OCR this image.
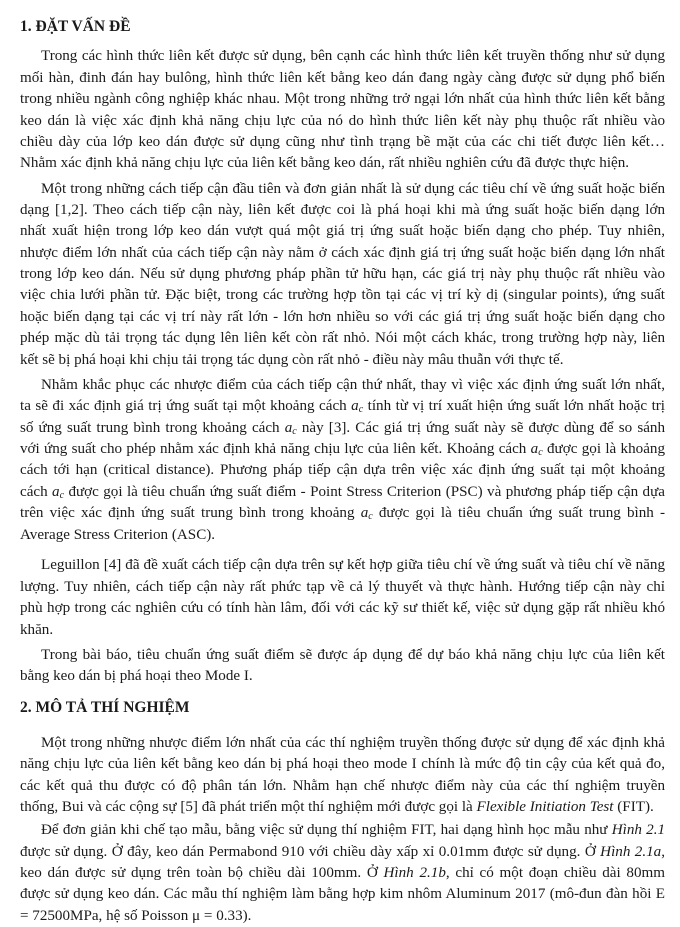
1. ĐẶT VẤN ĐỀ
Trong các hình thức liên kết được sử dụng, bên cạnh các hình thức liên kết truyền thống như sử dụng
mối hàn, đinh đán hay bulông, hình thức liên kết bằng keo dán đang ngày càng được sử dụng phổ biến
trong nhiều ngành công nghiệp khác nhau. Một trong những trở ngại lớn nhất của hình thức liên kết bằng
keo dán là việc xác định khả năng chịu lực của nó do hình thức liên kết này phụ thuộc rất nhiều vào
chiều dày của lớp keo dán được sử dụng cũng như tình trạng bề mặt của các chi tiết được liên kết…
Nhằm xác định khả năng chịu lực của liên kết bằng keo dán, rất nhiều nghiên cứu đã được thực hiện.
Một trong những cách tiếp cận đầu tiên và đơn giản nhất là sử dụng các tiêu chí về ứng suất hoặc biến
dạng [1,2]. Theo cách tiếp cận này, liên kết được coi là phá hoại khi mà ứng suất hoặc biến dạng lớn
nhất xuất hiện trong lớp keo dán vượt quá một giá trị ứng suất hoặc biến dạng cho phép. Tuy nhiên,
nhược điểm lớn nhất của cách tiếp cận này nằm ở cách xác định giá trị ứng suất hoặc biến dạng lớn nhất
trong lớp keo dán. Nếu sử dụng phương pháp phần tử hữu hạn, các giá trị này phụ thuộc rất nhiều vào
việc chia lưới phần tử. Đặc biệt, trong các trường hợp tồn tại các vị trí kỳ dị (singular points), ứng suất
hoặc biến dạng tại các vị trí này rất lớn - lớn hơn nhiều so với các giá trị ứng suất hoặc biến dạng cho
phép mặc dù tải trọng tác dụng lên liên kết còn rất nhỏ. Nói một cách khác, trong trường hợp này, liên
kết sẽ bị phá hoại khi chịu tải trọng tác dụng còn rất nhỏ - điều này mâu thuẫn với thực tế.
Nhằm khắc phục các nhược điểm của cách tiếp cận thứ nhất, thay vì việc xác định ứng suất lớn nhất,
ta sẽ đi xác định giá trị ứng suất tại một khoảng cách $a_c$ tính từ vị trí xuất hiện ứng suất lớn nhất hoặc trị
số ứng suất trung bình trong khoảng cách $a_c$ này [3]. Các giá trị ứng suất này sẽ được dùng để so sánh
với ứng suất cho phép nhằm xác định khả năng chịu lực của liên kết. Khoảng cách $a_c$ được gọi là khoảng
cách tới hạn (critical distance). Phương pháp tiếp cận dựa trên việc xác định ứng suất tại một khoảng
cách $a_c$ được gọi là tiêu chuẩn ứng suất điểm - Point Stress Criterion (PSC) và phương pháp tiếp cận dựa
trên việc xác định ứng suất trung bình trong khoảng $a_c$ được gọi là tiêu chuẩn ứng suất trung bình -
Average Stress Criterion (ASC).
Leguillon [4] đã đề xuất cách tiếp cận dựa trên sự kết hợp giữa tiêu chí về ứng suất và tiêu chí về năng
lượng. Tuy nhiên, cách tiếp cận này rất phức tạp về cả lý thuyết và thực hành. Hướng tiếp cận này chỉ
phù hợp trong các nghiên cứu có tính hàn lâm, đối với các kỹ sư thiết kế, việc sử dụng gặp rất nhiều khó
khăn.
Trong bài báo, tiêu chuẩn ứng suất điểm sẽ được áp dụng để dự báo khả năng chịu lực của liên kết
bằng keo dán bị phá hoại theo Mode I.
2. MÔ TẢ THÍ NGHIỆM
Một trong những nhược điểm lớn nhất của các thí nghiệm truyền thống được sử dụng để xác định khả
năng chịu lực của liên kết bằng keo dán bị phá hoại theo mode I chính là mức độ tin cậy của kết quả đo,
các kết quả thu được có độ phân tán lớn. Nhằm hạn chế nhược điểm này của các thí nghiệm truyền
thống, Bui và các cộng sự [5] đã phát triển một thí nghiệm mới được gọi là Flexible Initiation Test (FIT).
Để đơn giản khi chế tạo mẫu, bằng việc sử dụng thí nghiệm FIT, hai dạng hình học mẫu như Hình 2.1
được sử dụng. Ở đây, keo dán Permabond 910 với chiều dày xấp xỉ 0.01mm được sử dụng. Ở Hình 2.1a,
keo dán được sử dụng trên toàn bộ chiều dài 100mm. Ở Hình 2.1b, chỉ có một đoạn chiều dài 80mm
được sử dụng keo dán. Các mẫu thí nghiệm làm bằng hợp kim nhôm Aluminum 2017 (mô-đun đàn hồi E
= 72500MPa, hệ số Poisson μ = 0.33).
